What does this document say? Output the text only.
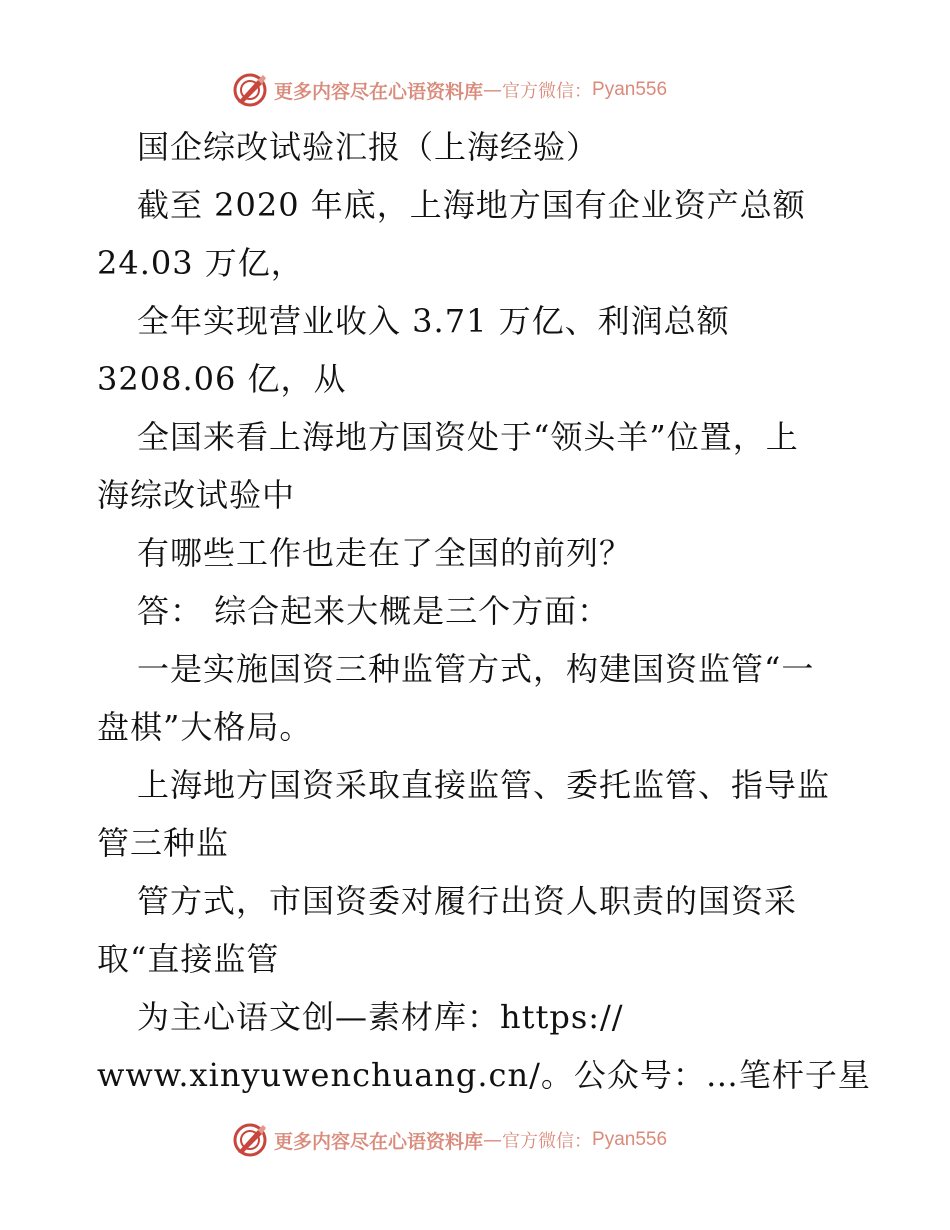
更多内容尽在心语资料库 — 官方微信： Pyan556
国企综改试验汇报（上海经验）
截至 2020 年底，上海地方国有企业资产总额
24.03 万亿，
全年实现营业收入 3.71 万亿、利润总额
3208.06 亿，从
全国来看上海地方国资处于“领头羊”位置，上
海综改试验中
有哪些工作也走在了全国的前列？
答： 综合起来大概是三个方面：
一是实施国资三种监管方式，构建国资监管“一
盘棋”大格局。
上海地方国资采取直接监管、委托监管、指导监
管三种监
管方式，市国资委对履行出资人职责的国资采
取“直接监管
为主心语文创—素材库：https://
www.xinyuwenchuang.cn/。公众号：…笔杆子星
更多内容尽在心语资料库 — 官方微信： Pyan556
